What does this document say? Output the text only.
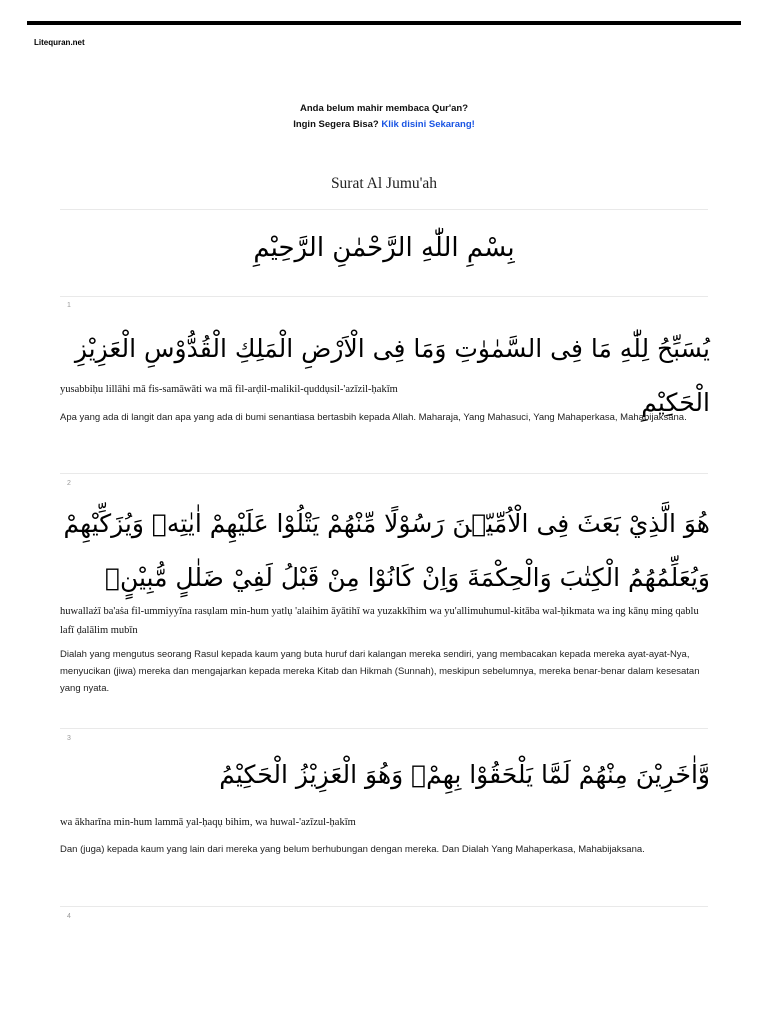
Litequran.net
Anda belum mahir membaca Qur'an?
Ingin Segera Bisa? Klik disini Sekarang!
Surat Al Jumu'ah
بِسْمِ اللّٰهِ الرَّحْمٰنِ الرَّحِيْمِ
1
يُسَبِّحُ لِلّٰهِ مَا فِى السَّمٰوٰتِ وَمَا فِى الْاَرْضِ الْمَلِكِ الْقُدُّوْسِ الْعَزِيْزِ الْحَكِيْمِ
yusabbiḥu lillāhi mā fis-samāwāti wa mā fil-arḍil-malikil-quddụsil-'azīzil-ḥakīm
Apa yang ada di langit dan apa yang ada di bumi senantiasa bertasbih kepada Allah. Maharaja, Yang Mahasuci, Yang Mahaperkasa, Mahabijaksana.
2
هُوَ الَّذِيْ بَعَثَ فِى الْاُمِّيّٖنَ رَسُوْلًا مِّنْهُمْ يَتْلُوْا عَلَيْهِمْ اٰيٰتِهٖ وَيُزَكِّيْهِمْ وَيُعَلِّمُهُمُ الْكِتٰبَ وَالْحِكْمَةَ وَاِنْ كَانُوْا مِنْ قَبْلُ لَفِيْ ضَلٰلٍ مُّبِيْنٍۙ
huwallażī ba'aṡa fil-ummiyyīna rasụlam min-hum yatlụ 'alaihim āyātihī wa yuzakkīhim wa yu'allimuhumul-kitāba wal-ḥikmata wa ing kānụ ming qablu lafī ḍalālim mubīn
Dialah yang mengutus seorang Rasul kepada kaum yang buta huruf dari kalangan mereka sendiri, yang membacakan kepada mereka ayat-ayat-Nya, menyucikan (jiwa) mereka dan mengajarkan kepada mereka Kitab dan Hikmah (Sunnah), meskipun sebelumnya, mereka benar-benar dalam kesesatan yang nyata.
3
وَّاٰخَرِيْنَ مِنْهُمْ لَمَّا يَلْحَقُوْا بِهِمْۗ وَهُوَ الْعَزِيْزُ الْحَكِيْمُ
wa ākharīna min-hum lammā yal-ḥaqụ bihim, wa huwal-'azīzul-ḥakīm
Dan (juga) kepada kaum yang lain dari mereka yang belum berhubungan dengan mereka. Dan Dialah Yang Mahaperkasa, Mahabijaksana.
4
